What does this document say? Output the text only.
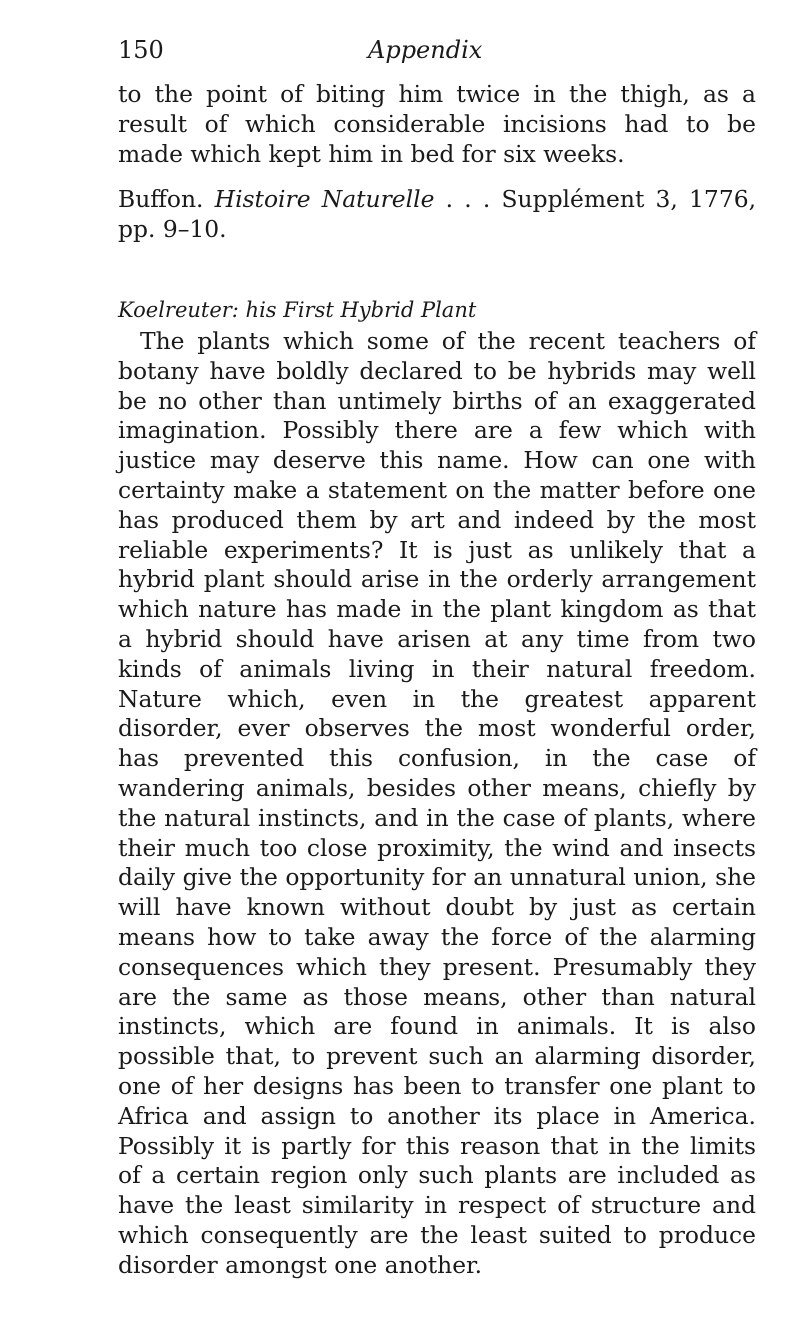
150	Appendix

to the point of biting him twice in the thigh, as a result of which considerable incisions had to be made which kept him in bed for six weeks.

Buffon. Histoire Naturelle . . . Supplément 3, 1776, pp. 9–10.

Koelreuter: his First Hybrid Plant

The plants which some of the recent teachers of botany have boldly declared to be hybrids may well be no other than untimely births of an exaggerated imagination. Possibly there are a few which with justice may deserve this name. How can one with certainty make a statement on the matter before one has produced them by art and indeed by the most reliable experiments? It is just as unlikely that a hybrid plant should arise in the orderly arrangement which nature has made in the plant kingdom as that a hybrid should have arisen at any time from two kinds of animals living in their natural freedom. Nature which, even in the greatest apparent disorder, ever observes the most wonderful order, has prevented this confusion, in the case of wandering animals, besides other means, chiefly by the natural instincts, and in the case of plants, where their much too close proximity, the wind and insects daily give the opportunity for an unnatural union, she will have known without doubt by just as certain means how to take away the force of the alarming consequences which they present. Presumably they are the same as those means, other than natural instincts, which are found in animals. It is also possible that, to prevent such an alarming disorder, one of her designs has been to transfer one plant to Africa and assign to another its place in America. Possibly it is partly for this reason that in the limits of a certain region only such plants are included as have the least similarity in respect of structure and which consequently are the least suited to produce disorder amongst one another.
